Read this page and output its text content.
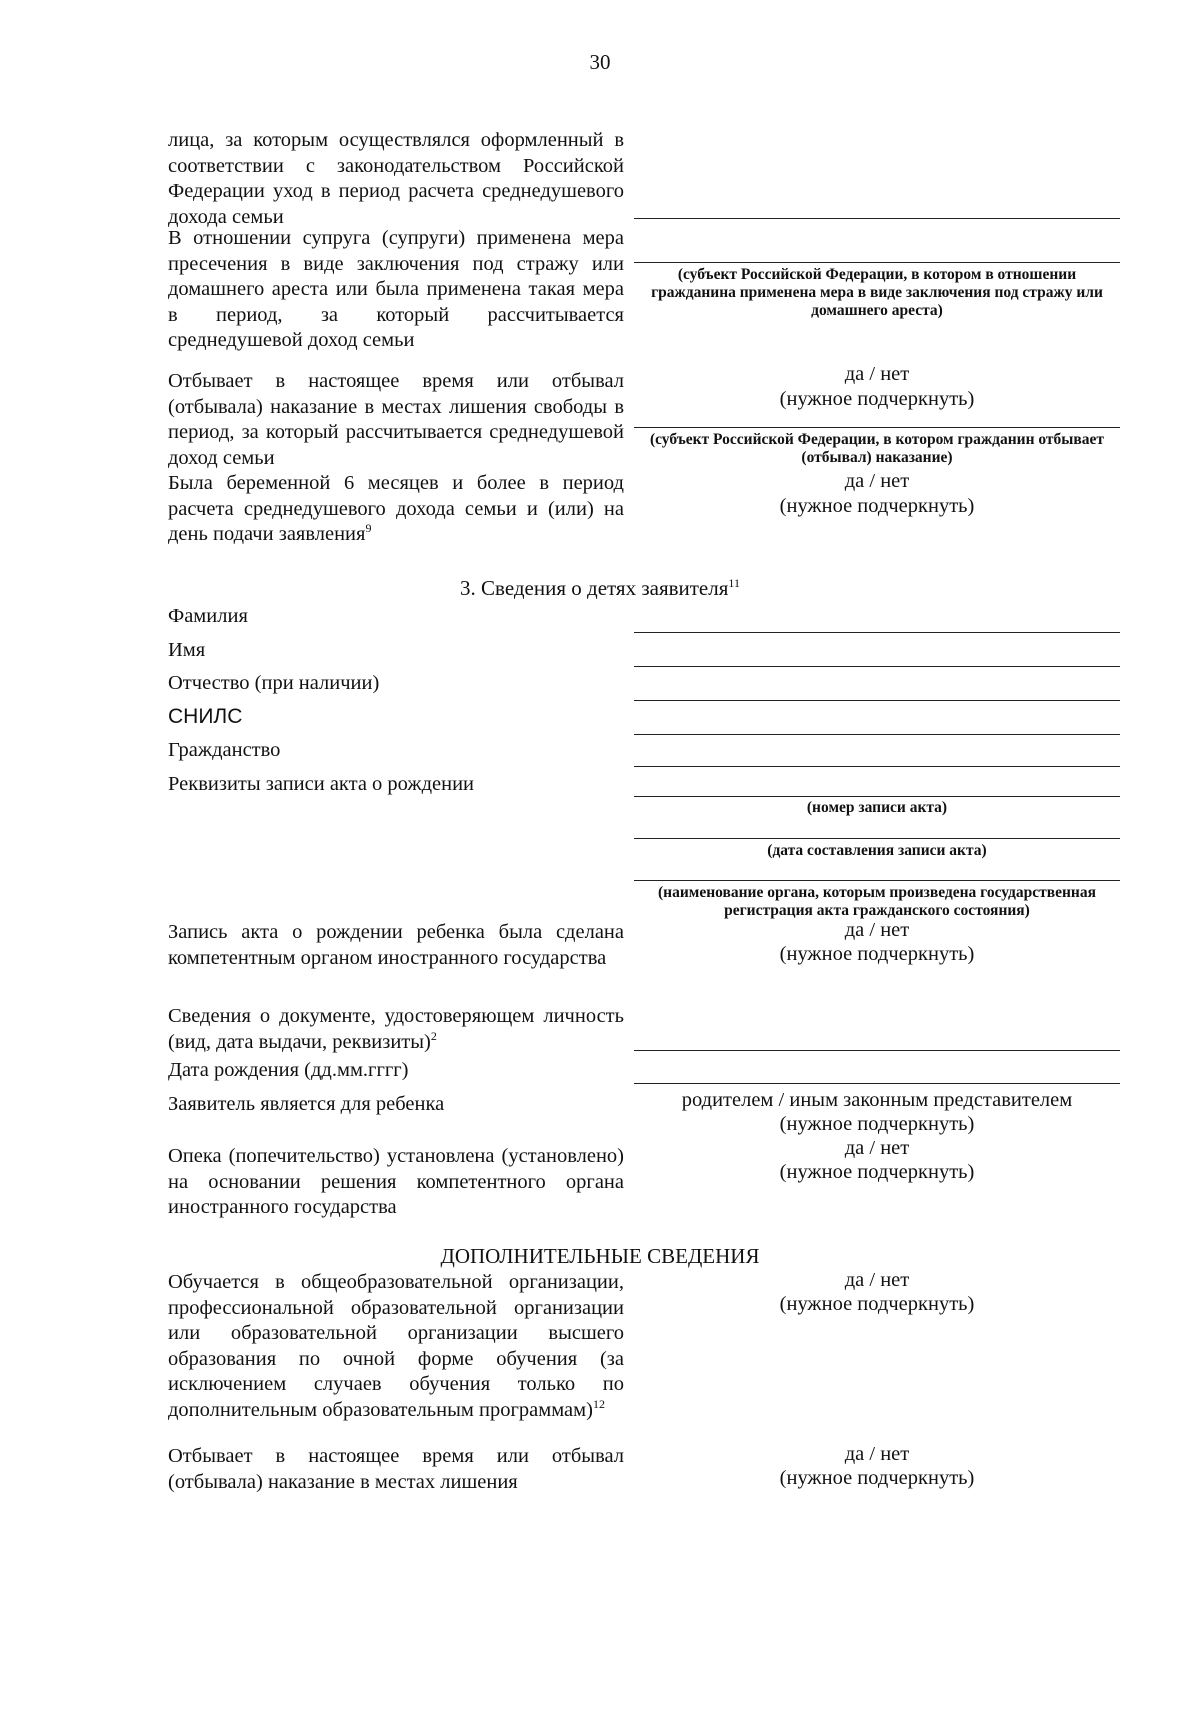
30
лица, за которым осуществлялся оформленный в соответствии с законодательством Российской Федерации уход в период расчета среднедушевого дохода семьи
В отношении супруга (супруги) применена мера пресечения в виде заключения под стражу или домашнего ареста или была применена такая мера в период, за который рассчитывается среднедушевой доход семьи
(субъект Российской Федерации, в котором в отношении гражданина применена мера в виде заключения под стражу или домашнего ареста)
да / нет
(нужное подчеркнуть)
Отбывает в настоящее время или отбывал (отбывала) наказание в местах лишения свободы в период, за который рассчитывается среднедушевой доход семьи
(субъект Российской Федерации, в котором гражданин отбывает (отбывал) наказание)
да / нет
(нужное подчеркнуть)
Была беременной 6 месяцев и более в период расчета среднедушевого дохода семьи и (или) на день подачи заявления$^9$
3. Сведения о детях заявителя$^{11}$
Фамилия
Имя
Отчество (при наличии)
СНИЛС
Гражданство
Реквизиты записи акта о рождении
(номер записи акта)
(дата составления записи акта)
(наименование органа, которым произведена государственная регистрация акта гражданского состояния)
да / нет
(нужное подчеркнуть)
Запись акта о рождении ребенка была сделана компетентным органом иностранного государства
Сведения о документе, удостоверяющем личность (вид, дата выдачи, реквизиты)$^2$
Дата рождения (дд.мм.гггг)
Заявитель является для ребенка	родителем / иным законным представителем
(нужное подчеркнуть)
да / нет
(нужное подчеркнуть)
Опека (попечительство) установлена (установлено) на основании решения компетентного органа иностранного государства
ДОПОЛНИТЕЛЬНЫЕ СВЕДЕНИЯ
да / нет
(нужное подчеркнуть)
Обучается в общеобразовательной организации, профессиональной образовательной организации или образовательной организации высшего образования по очной форме обучения (за исключением случаев обучения только по дополнительным образовательным программам)$^{12}$
да / нет
(нужное подчеркнуть)
Отбывает в настоящее время или отбывал (отбывала) наказание в местах лишения
